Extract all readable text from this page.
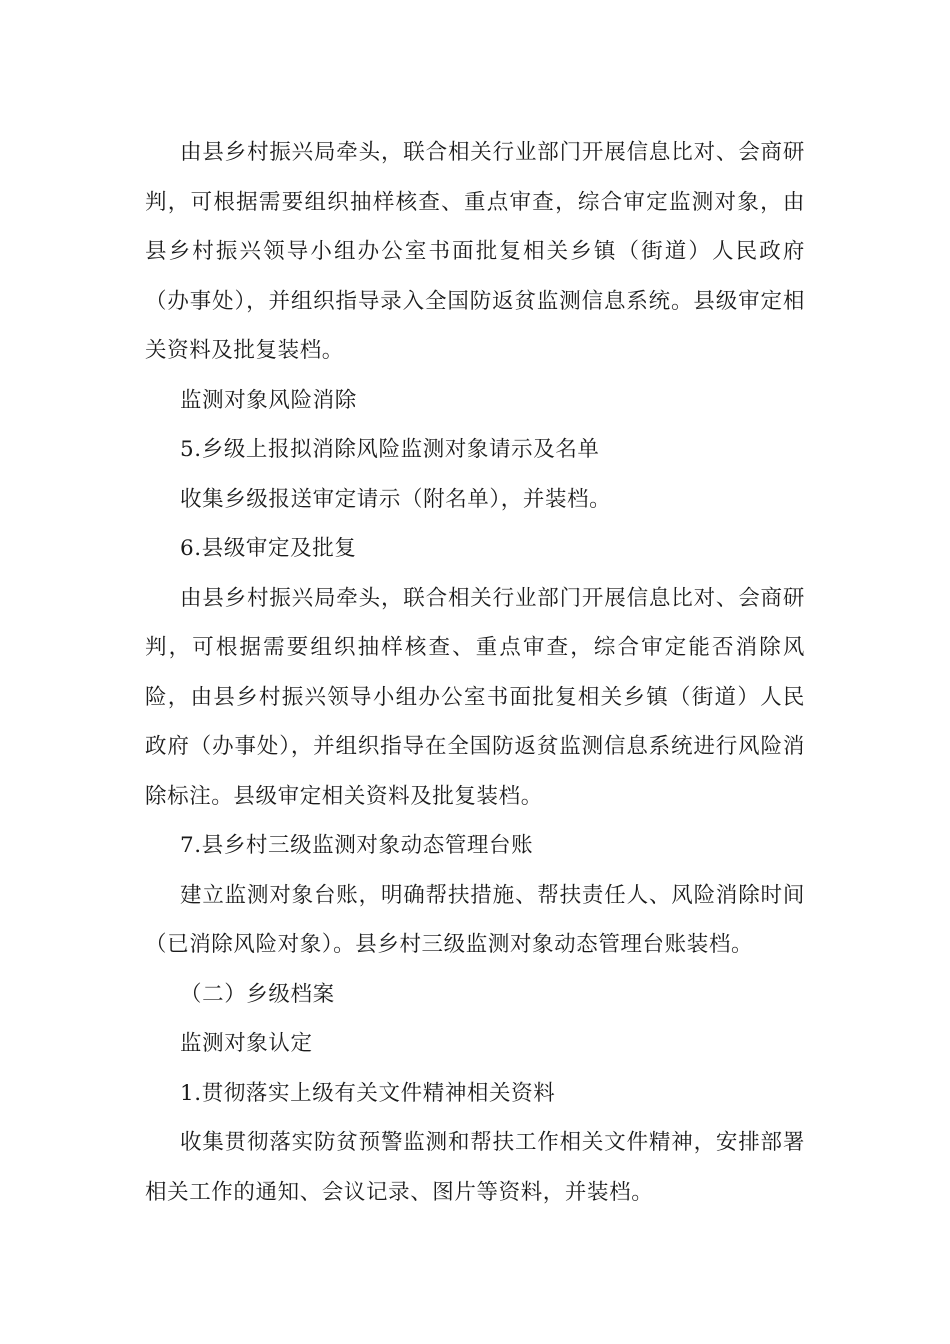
由县乡村振兴局牵头，联合相关行业部门开展信息比对、会商研判，可根据需要组织抽样核查、重点审查，综合审定监测对象，由县乡村振兴领导小组办公室书面批复相关乡镇（街道）人民政府（办事处），并组织指导录入全国防返贫监测信息系统。县级审定相关资料及批复装档。

监测对象风险消除

5.乡级上报拟消除风险监测对象请示及名单

收集乡级报送审定请示（附名单），并装档。

6.县级审定及批复

由县乡村振兴局牵头，联合相关行业部门开展信息比对、会商研判，可根据需要组织抽样核查、重点审查，综合审定能否消除风险，由县乡村振兴领导小组办公室书面批复相关乡镇（街道）人民政府（办事处），并组织指导在全国防返贫监测信息系统进行风险消除标注。县级审定相关资料及批复装档。

7.县乡村三级监测对象动态管理台账

建立监测对象台账，明确帮扶措施、帮扶责任人、风险消除时间（已消除风险对象）。县乡村三级监测对象动态管理台账装档。

（二）乡级档案

监测对象认定

1.贯彻落实上级有关文件精神相关资料

收集贯彻落实防贫预警监测和帮扶工作相关文件精神，安排部署相关工作的通知、会议记录、图片等资料，并装档。
